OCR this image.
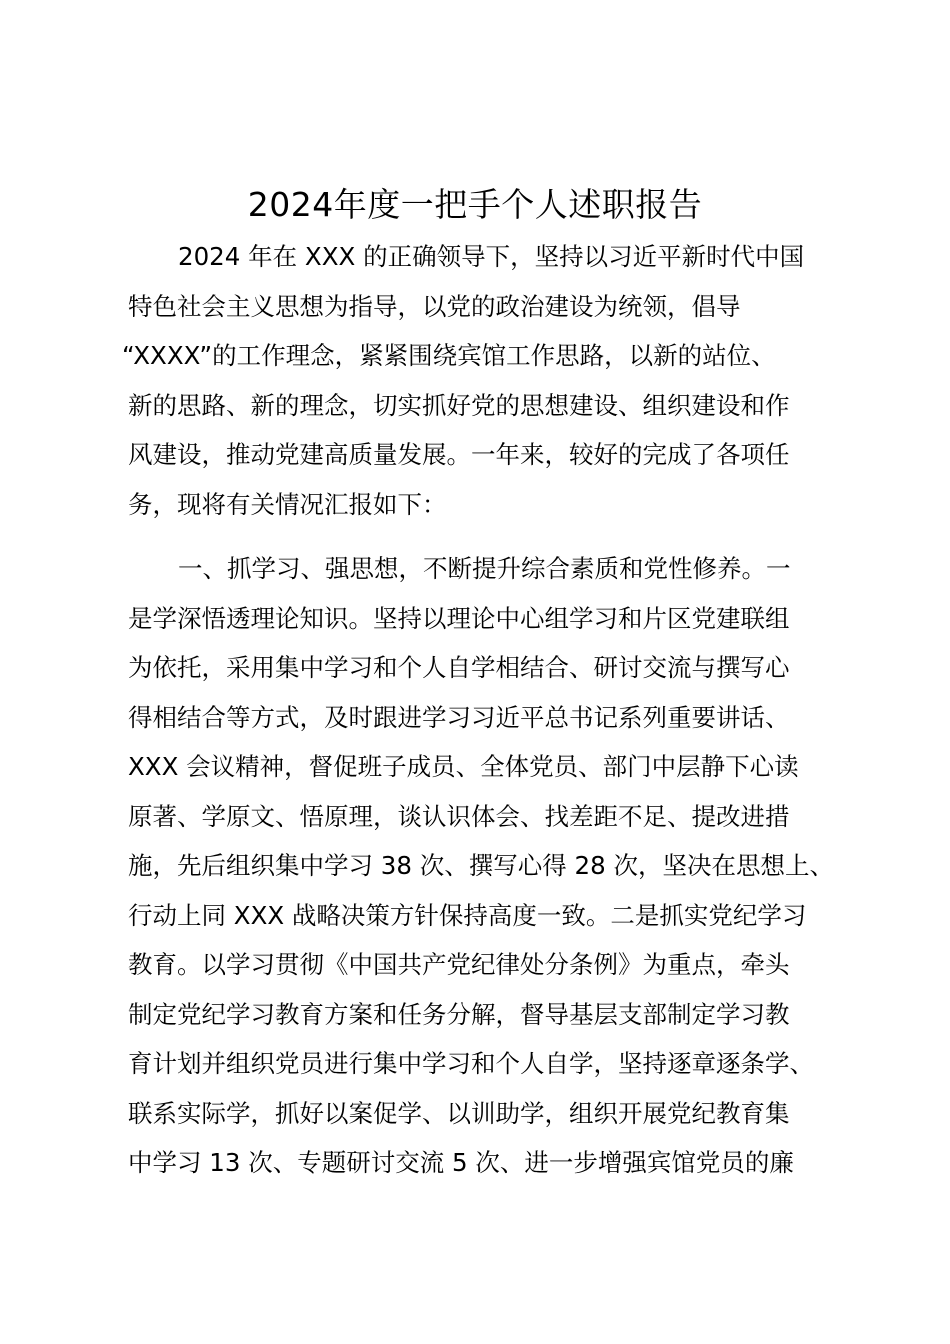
2024年度一把手个人述职报告
2024 年在 XXX 的正确领导下，坚持以习近平新时代中国
特色社会主义思想为指导，以党的政治建设为统领，倡导
“XXXX”的工作理念，紧紧围绕宾馆工作思路，以新的站位、
新的思路、新的理念，切实抓好党的思想建设、组织建设和作
风建设，推动党建高质量发展。一年来，较好的完成了各项任
务，现将有关情况汇报如下：
一、抓学习、强思想，不断提升综合素质和党性修养。一
是学深悟透理论知识。坚持以理论中心组学习和片区党建联组
为依托，采用集中学习和个人自学相结合、研讨交流与撰写心
得相结合等方式，及时跟进学习习近平总书记系列重要讲话、
XXX 会议精神，督促班子成员、全体党员、部门中层静下心读
原著、学原文、悟原理，谈认识体会、找差距不足、提改进措
施，先后组织集中学习 38 次、撰写心得 28 次，坚决在思想上、
行动上同 XXX 战略决策方针保持高度一致。二是抓实党纪学习
教育。以学习贯彻《中国共产党纪律处分条例》为重点，牵头
制定党纪学习教育方案和任务分解，督导基层支部制定学习教
育计划并组织党员进行集中学习和个人自学，坚持逐章逐条学、
联系实际学，抓好以案促学、以训助学，组织开展党纪教育集
中学习 13 次、专题研讨交流 5 次、进一步增强宾馆党员的廉
